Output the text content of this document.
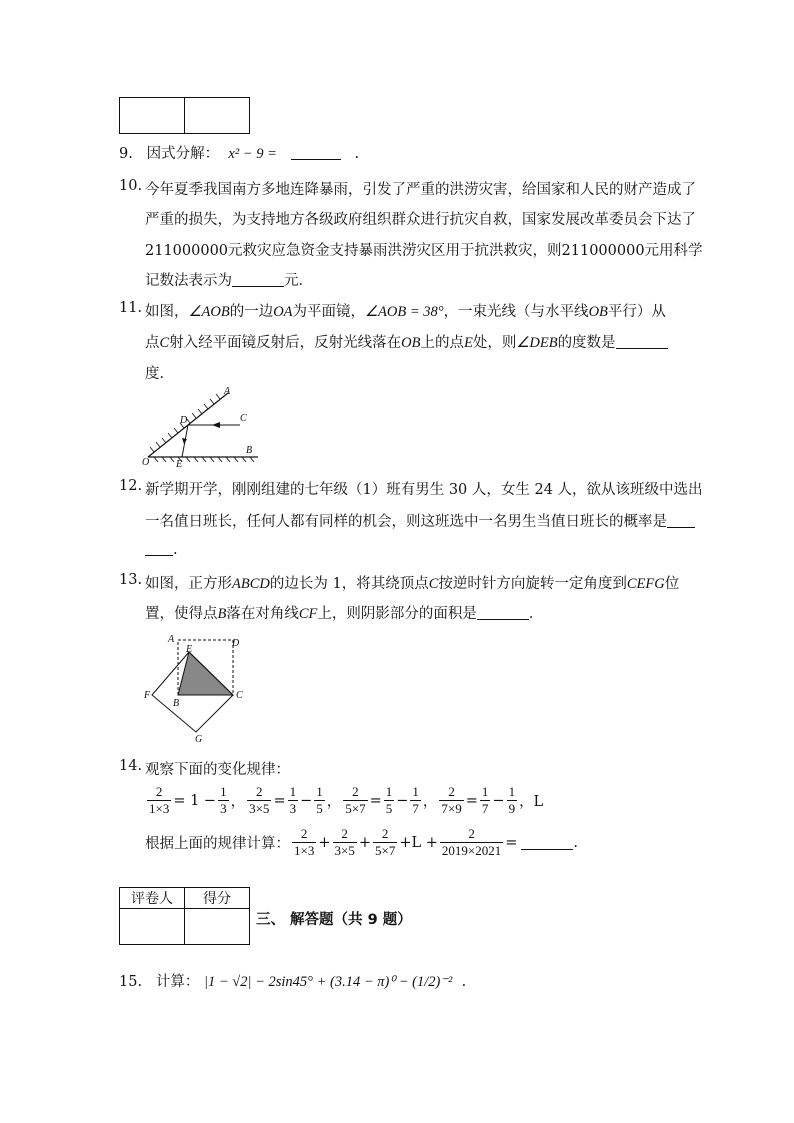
9. 因式分解： x² − 9 =	.
10. 今年夏季我国南方多地连降暴雨，引发了严重的洪涝灾害，给国家和人民的财产造成了
严重的损失，为支持地方各级政府组织群众进行抗灾自救，国家发展改革委员会下达了
211000000元救灾应急资金支持暴雨洪涝灾区用于抗洪救灾，则211000000元用科学
记数法表示为	元．
11. 如图，∠AOB的一边OA为平面镜，∠AOB = 38°，一束光线（与水平线OB平行）从
点C射入经平面镜反射后，反射光线落在OB上的点E处，则∠DEB的度数是
度．
A
C
D
B
O	E
12. 新学期开学，刚刚组建的七年级（1）班有男生 30 人，女生 24 人，欲从该班级中选出
一名值日班长，任何人都有同样的机会，则这班选中一名男生当值日班长的概率是
.
13. 如图，正方形ABCD的边长为 1，将其绕顶点C按逆时针方向旋转一定角度到CEFG位
置，使得点B落在对角线CF上，则阴影部分的面积是	．
A	D
E
F
B
C
G
14. 观察下面的变化规律：
$\frac{2}{1\times 3} = 1 - \frac{1}{3}$ ， $\frac{2}{3\times 5} = \frac{1}{3} - \frac{1}{5}$ ， $\frac{2}{5\times 7} = \frac{1}{5} - \frac{1}{7}$ ， $\frac{2}{7\times 9} = \frac{1}{7} - \frac{1}{9}$ ，L
根据上面的规律计算： $\frac{2}{1\times 3} + \frac{2}{3\times 5} + \frac{2}{5\times 7} +L + \frac{2}{2019\times 2021}$ =	.
评卷人	得分

三、 解答题（共 9 题）
15. 计算： |1 − √2| − 2sin45° + (3.14 − π)⁰ − (1/2)⁻² .
